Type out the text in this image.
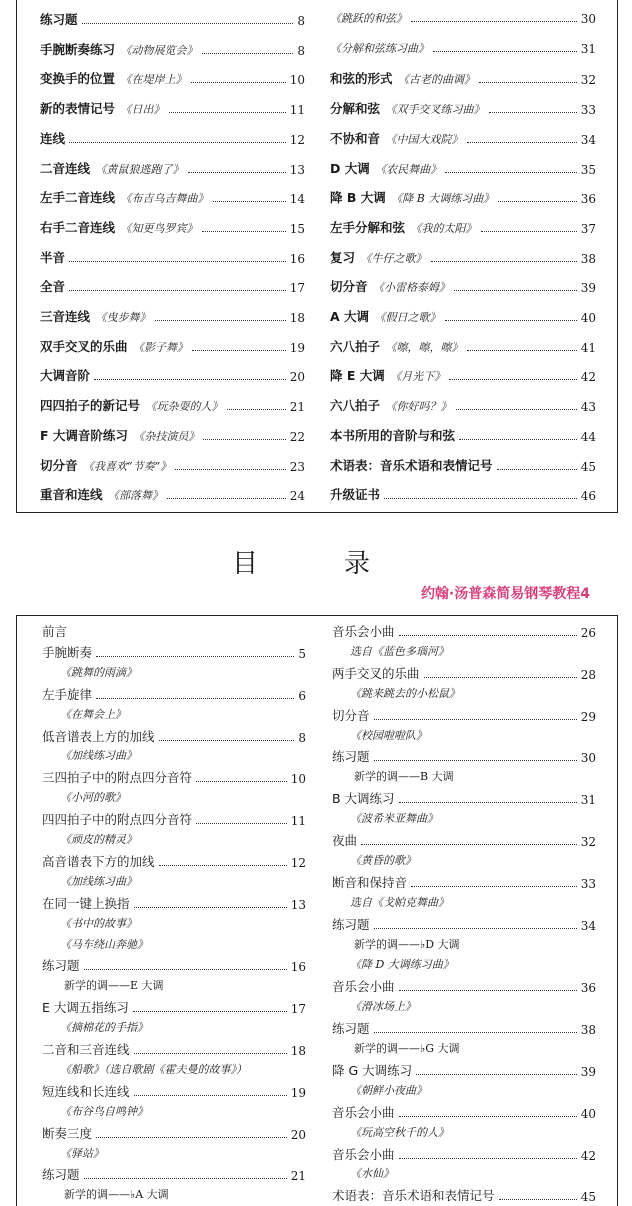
练习题	8
手腕断奏练习 《动物展览会》	8
变换手的位置 《在堤岸上》	10
新的表情记号 《日出》	11
连线	12
二音连线 《黄鼠狼逃跑了》	13
左手二音连线 《布吉乌吉舞曲》	14
右手二音连线 《知更鸟罗宾》	15
半音	16
全音	17
三音连线 《曳步舞》	18
双手交叉的乐曲 《影子舞》	19
大调音阶	20
四四拍子的新记号 《玩杂耍的人》	21
F 大调音阶练习 《杂技演员》	22
切分音 《我喜欢“节奏”》	23
重音和连线 《部落舞》	24
《跳跃的和弦》	30
《分解和弦练习曲》	31
和弦的形式 《古老的曲调》	32
分解和弦 《双手交叉练习曲》	33
不协和音 《中国大戏院》	34
D 大调 《农民舞曲》	35
降 B 大调 《降 B 大调练习曲》	36
左手分解和弦 《我的太阳》	37
复习 《牛仔之歌》	38
切分音 《小雷格泰姆》	39
A 大调 《假日之歌》	40
六八拍子 《嚓，嚓，嚓》	41
降 E 大调 《月光下》	42
六八拍子 《你好吗？》	43
本书所用的音阶与和弦	44
术语表：音乐术语和表情记号	45
升级证书	46
目　录
约翰·汤普森简易钢琴教程4
前言
手腕断奏	5
《跳舞的雨滴》
左手旋律	6
《在舞会上》
低音谱表上方的加线	8
《加线练习曲》
三四拍子中的附点四分音符	10
《小河的歌》
四四拍子中的附点四分音符	11
《顽皮的精灵》
高音谱表下方的加线	12
《加线练习曲》
在同一键上换指	13
《书中的故事》
《马车绕山奔驰》
练习题	16
新学的调——E 大调
E 大调五指练习	17
《摘棉花的手指》
二音和三音连线	18
《船歌》（选自歌剧《霍夫曼的故事》）
短连线和长连线	19
《布谷鸟自鸣钟》
断奏三度	20
《驿站》
练习题	21
新学的调——♭A 大调
音乐会小曲	26
选自《蓝色多瑙河》
两手交叉的乐曲	28
《跳来跳去的小松鼠》
切分音	29
《校园啦啦队》
练习题	30
新学的调——B 大调
B 大调练习	31
《波希米亚舞曲》
夜曲	32
《黄昏的歌》
断音和保持音	33
选自《戈帕克舞曲》
练习题	34
新学的调——♭D 大调
《降 D 大调练习曲》
音乐会小曲	36
《滑冰场上》
练习题	38
新学的调——♭G 大调
降 G 大调练习	39
《朝鲜小夜曲》
音乐会小曲	40
《玩高空秋千的人》
音乐会小曲	42
《水仙》
术语表：音乐术语和表情记号	45
